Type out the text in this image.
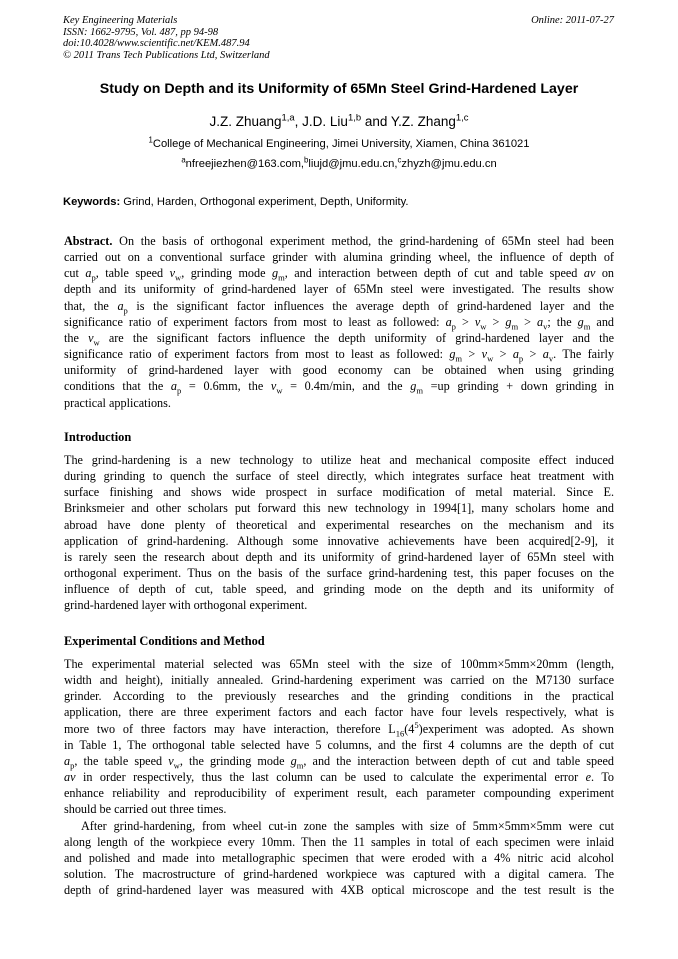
Key Engineering Materials
ISSN: 1662-9795, Vol. 487, pp 94-98
doi:10.4028/www.scientific.net/KEM.487.94
© 2011 Trans Tech Publications Ltd, Switzerland
Online: 2011-07-27
Study on Depth and its Uniformity of 65Mn Steel Grind-Hardened Layer
J.Z. Zhuang$^{1,a}$, J.D. Liu$^{1,b}$ and Y.Z. Zhang$^{1,c}$
$^1$College of Mechanical Engineering, Jimei University, Xiamen, China 361021
$^a$nfreejiezhen@163.com,$^b$liujd@jmu.edu.cn,$^c$zhyzh@jmu.edu.cn
Keywords: Grind, Harden, Orthogonal experiment, Depth, Uniformity.
Abstract. On the basis of orthogonal experiment method, the grind-hardening of 65Mn steel had been
carried out on a conventional surface grinder with alumina grinding wheel, the influence of depth of
cut $a_p$, table speed $v_w$, grinding mode $g_m$, and interaction between depth of cut and table speed av on
depth and its uniformity of grind-hardened layer of 65Mn steel were investigated. The results show
that, the $a_p$ is the significant factor influences the average depth of grind-hardened layer and the
significance ratio of experiment factors from most to least as followed: $a_p > v_w > g_m > a_v$; the $g_m$ and
the $v_w$ are the significant factors influence the depth uniformity of grind-hardened layer and the
significance ratio of experiment factors from most to least as followed: $g_m > v_w > a_p > a_v$. The fairly
uniformity of grind-hardened layer with good economy can be obtained when using grinding
conditions that the $a_p = 0.6mm$, the $v_w = 0.4m/\min$, and the $g_m =up$ grinding + down grinding in
practical applications.
Introduction
The grind-hardening is a new technology to utilize heat and mechanical composite effect induced
during grinding to quench the surface of steel directly, which integrates surface heat treatment with
surface finishing and shows wide prospect in surface modification of metal material. Since E.
Brinksmeier and other scholars put forward this new technology in 1994[1], many scholars home and
abroad have done plenty of theoretical and experimental researches on the mechanism and its
application of grind-hardening. Although some innovative achievements have been acquired[2-9], it
is rarely seen the research about depth and its uniformity of grind-hardened layer of 65Mn steel with
orthogonal experiment. Thus on the basis of the surface grind-hardening test, this paper focuses on the
influence of depth of cut, table speed, and grinding mode on the depth and its uniformity of
grind-hardened layer with orthogonal experiment.
Experimental Conditions and Method
The experimental material selected was 65Mn steel with the size of 100mm×5mm×20mm (length,
width and height), initially annealed. Grind-hardening experiment was carried on the M7130 surface
grinder. According to the previously researches and the grinding conditions in the practical
application, there are three experiment factors and each factor have four levels respectively, what is
more two of three factors may have interaction, therefore $L_{16}(4^5)experiment$ was adopted. As shown
in Table 1, The orthogonal table selected have 5 columns, and the first 4 columns are the depth of cut
$a_p$, the table speed $v_w$, the grinding mode $g_m$, and the interaction between depth of cut and table speed
av in order respectively, thus the last column can be used to calculate the experimental error e. To
enhance reliability and reproducibility of experiment result, each parameter compounding experiment
should be carried out three times.
After grind-hardening, from wheel cut-in zone the samples with size of 5mm×5mm×5mm were cut
along length of the workpiece every 10mm. Then the 11 samples in total of each specimen were inlaid
and polished and made into metallographic specimen that were eroded with a 4% nitric acid alcohol
solution. The macrostructure of grind-hardened workpiece was captured with a digital camera. The
depth of grind-hardened layer was measured with 4XB optical microscope and the test result is the
